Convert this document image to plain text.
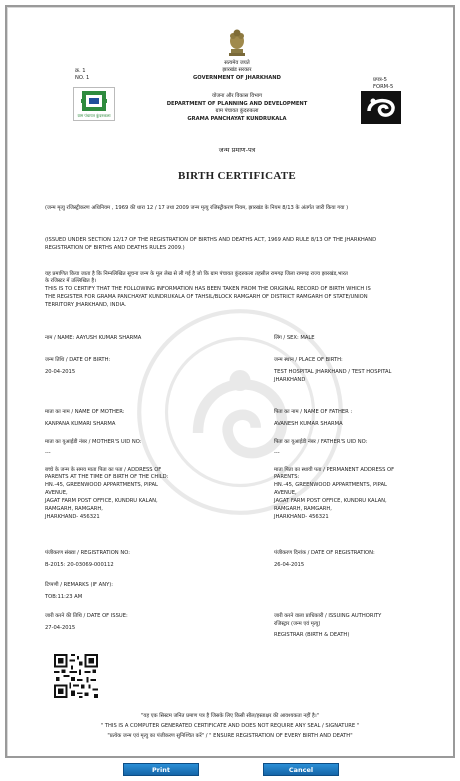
सत्यमेव जयते
झारखंड सरकार
GOVERNMENT OF JHARKHAND
क्र. 1
NO. 1	प्रपत्र-5
FORM-5
ग्राम पंचायत कुंदरुकला
योजना और विकास विभाग
DEPARTMENT OF PLANNING AND DEVELOPMENT
ग्राम पंचायत कुंदरुकला
GRAMA PANCHAYAT KUNDRUKALA
जन्म प्रमाण-पत्र
BIRTH CERTIFICATE
(जन्म मृत्यु रजिस्ट्रीकरण अधिनियम , 1969 की धारा 12 / 17 तथा 2009 जन्म मृत्यु रजिस्ट्रीकरण नियम, झारखंड के नियम 8/13 के अंतर्गत जारी किया गया )
(ISSUED UNDER SECTION 12/17 OF THE REGISTRATION OF BIRTHS AND DEATHS ACT, 1969 AND RULE 8/13 OF THE JHARKHAND
REGISTRATION OF BIRTHS AND DEATHS RULES 2009.)
यह प्रमाणित किया जाता है कि निम्नलिखित सूचना जन्म के मूल लेख से ली गई है जो कि ग्राम पंचायत कुंदरुकला तहसील रामगढ़ जिला रामगढ़ राज्य झारखंड,भारत
के रजिस्टर में उल्लिखित है।
THIS IS TO CERTIFY THAT THE FOLLOWING INFORMATION HAS BEEN TAKEN FROM THE ORIGINAL RECORD OF BIRTH WHICH IS
THE REGISTER FOR GRAMA PANCHAYAT KUNDRUKALA OF TAHSIL/BLOCK RAMGARH OF DISTRICT RAMGARH OF STATE/UNION
TERRITORY JHARKHAND, INDIA.
नाम / NAME: AAYUSH KUMAR SHARMA
जन्म तिथि / DATE OF BIRTH:
20-04-2015
माता का नाम / NAME OF MOTHER:
KANPANA KUMARI SHARMA
माता का यूआईडी नंबर / MOTHER'S UID NO:
---
बच्चे के जन्म के समय माता पिता का पता / ADDRESS OF
PARENTS AT THE TIME OF BIRTH OF THE CHILD:
HN.-45, GREENWOOD APPARTMENTS, PIPAL
AVENUE,
JAGAT FARM POST OFFICE, KUNDRU KALAN,
RAMGARH, RAMGARH,
JHARKHAND- 456321
पंजीकरण संख्या / REGISTRATION NO:
B-2015: 20-03069-000112
टिप्पणी / REMARKS (IF ANY):
TOB:11:23 AM
जारी करने की तिथि / DATE OF ISSUE:
27-04-2015
लिंग / SEX: MALE
जन्म स्थान / PLACE OF BIRTH:
TEST HOSPITAL JHARKHAND / TEST HOSPITAL
JHARKHAND
पिता का नाम / NAME OF FATHER :
AVANESH KUMAR SHARMA
पिता का यूआईडी नंबर / FATHER'S UID NO:
---
माता पिता का स्थायी पता / PERMANENT ADDRESS OF
PARENTS:
HN.-45, GREENWOOD APPARTMENTS, PIPAL
AVENUE,
JAGAT FARM POST OFFICE, KUNDRU KALAN,
RAMGARH, RAMGARH,
JHARKHAND- 456321
पंजीकरण दिनांक / DATE OF REGISTRATION:
26-04-2015
जारी करने वाला प्राधिकारी / ISSUING AUTHORITY
रजिस्ट्रार (जन्म एवं मृत्यु)
REGISTRAR (BIRTH & DEATH)
"यह एक सिस्टम जनित प्रमाण पत्र है जिसके लिए किसी सील/हस्ताक्षर की आवश्यकता नहीं है।"
" THIS IS A COMPUTER GENERATED CERTIFICATE AND DOES NOT REQUIRE ANY SEAL / SIGNATURE "
"प्रत्येक जन्म एवं मृत्यु का पंजीकरण सुनिश्चित करें" / " ENSURE REGISTRATION OF EVERY BIRTH AND DEATH"
Print	Cancel
